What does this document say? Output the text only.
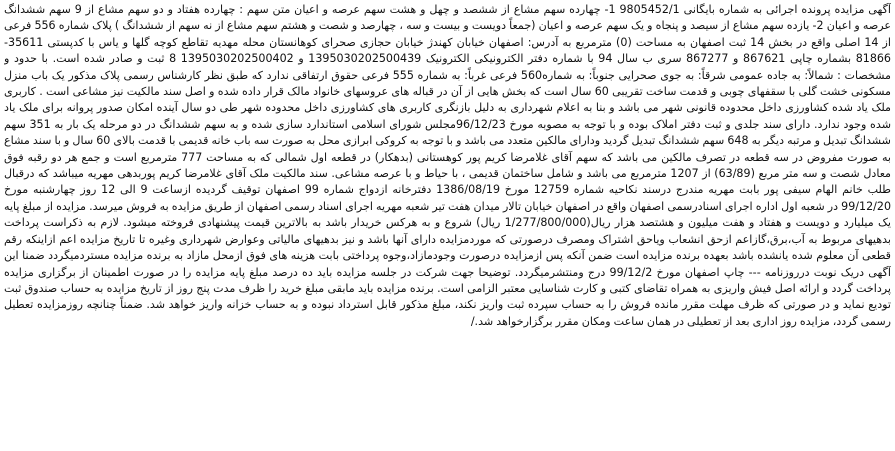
آگهی مزایده پرونده اجرائی به شماره بایگانی 9805452/1 1- چهارده سهم مشاع از ششصد و چهل و هشت سهم عرصه و اعیان متن سهم : چهارده هفتاد و دو سهم مشاع از 9 سهم ششدانگ عرصه و اعیان 2- یازده سهم مشاع از سیصد و پنجاه و یک سهم عرصه و اعیان (جمعاً دویست و بیست و سه ، چهارصد و شصت و هشتم سهم مشاع از نه سهم از ششدانگ ) پلاک شماره 556 فرعی از 14 اصلی واقع در بخش 14 ثبت اصفهان به مساحت (0) مترمربع به آدرس: اصفهان خیابان کهندژ خیابان حجازی صحرای کوهانستان محله مهدیه تقاطع کوچه گلها و یاس با کدپستی 35611-81866 بشماره چاپی 867621 و 867277 سری ب سال 94 با شماره دفتر الکترونیکی الکترونیک 1395030202500439 و 1395030202500402 8 ثبت و صادر شده است. با حدود و مشخصات : شمالاً: به جاده عمومی شرقاً: به جوی صحرایی جنوباً: به شماره560 فرعی غرباً: به شماره 555 فرعی حقوق ارتفاقی ندارد که طبق نظر کارشناس رسمی پلاک مذکور یک باب منزل مسکونی خشت گلی با سقفهای چوبی و قدمت ساخت تقریبی 60 سال است که بخش هایی از آن در قباله های عروسهای خانواد مالک قرار داده شده و اصل سند مالکیت نیز مشاعی است . کاربری ملک یاد شده کشاورزی داخل محدوده قانونی شهر می باشد و بنا به اعلام شهرداری به دلیل بازنگری کاربری های کشاورزی داخل محدوده شهر طی دو سال آینده امکان صدور پروانه برای ملک یاد شده وجود ندارد. دارای سند جلدی و ثبت دفتر املاک بوده و با توجه به مصوبه مورخ 96/12/23مجلس شورای اسلامی استاندارد سازی شده و به سهم ششدانگ در دو مرحله یک بار به 351 سهم ششدانگ تبدیل و مرتبه دیگر به 648 سهم ششدانگ تبدیل گردید ودارای مالکین متعدد می باشد و با توجه به کروکی ابرازی محل به صورت سه باب خانه قدیمی با قدمت بالای 60 سال و با سند مشاع به صورت مفروض در سه قطعه در تصرف مالکین می باشد که سهم آقای غلامرضا کریم پور کوهستانی (بدهکار) در قطعه اول شمالی که به مساحت 777 مترمربع است و جمع هر دو رقبه فوق معادل شصت و سه متر مربع (63/89) از 1207 مترمربع می باشد و شامل ساختمان قدیمی ، با حیاط و با عرصه مشاعی. سند مالکیت ملک آقای غلامرضا کریم پوربدهی مهریه میباشد که درقبال طلب خانم الهام سیفی پور بابت مهریه مندرج درسند نکاحیه شماره 12759 مورخ 1386/08/19 دفترخانه ازدواج شماره 99 اصفهان توقیف گردیده ازساعت 9 الی 12 روز چهارشنبه مورخ 99/12/20 در شعبه اول اداره اجرای اسنادرسمی اصفهان واقع در اصفهان خیابان تالار میدان هفت تیر شعبه مهریه اجرای اسناد رسمی اصفهان از طریق مزایده به فروش میرسد. مزایده از مبلغ پایه یک میلیارد و دویست و هفتاد و هفت میلیون و هشتصد هزار ریال(1/277/800/000 ریال) شروع و به هرکس خریدار باشد به بالاترین قیمت پیشنهادی فروخته میشود. لازم به ذکراست پرداخت بدهیهای مربوط به آب،برق،گازاعم ازحق انشعاب ویاحق اشتراک ومصرف درصورتی که موردمزایده دارای آنها باشد و نیز بدهیهای مالیاتی وعوارض شهرداری وغیره تا تاریخ مزایده اعم ازاینکه رقم قطعی آن معلوم شده یانشده باشد بعهده برنده مزایده است ضمن آنکه پس ازمزایده درصورت وجودمازاد،وجوه پرداختی بابت هزینه های فوق ازمحل مازاد به برنده مزایده مستردمیگردد ضمنا این آگهی دریک نوبت درروزنامه --- چاپ اصفهان مورخ 99/12/2 درج ومنتشرمیگردد. توضیحا جهت شرکت در جلسه مزایده باید ده درصد مبلغ پایه مزایده را در صورت اطمینان از برگزاری مزایده پرداخت گردد و ارائه اصل فیش واریزی به همراه تقاضای کتبی و کارت شناسایی معتبر الزامی است. برنده مزایده باید مابقی مبلغ خرید را ظرف مدت پنج روز از تاریخ مزایده به حساب صندوق ثبت تودیع نماید و در صورتی که ظرف مهلت مقرر مانده فروش را به حساب سپرده ثبت واریز نکند، مبلغ مذکور قابل استرداد نبوده و به حساب خزانه واریز خواهد شد. ضمناً چنانچه روزمزایده تعطیل رسمی گردد، مزایده روز اداری بعد از تعطیلی در همان ساعت ومکان مقرر برگزارخواهد شد./
